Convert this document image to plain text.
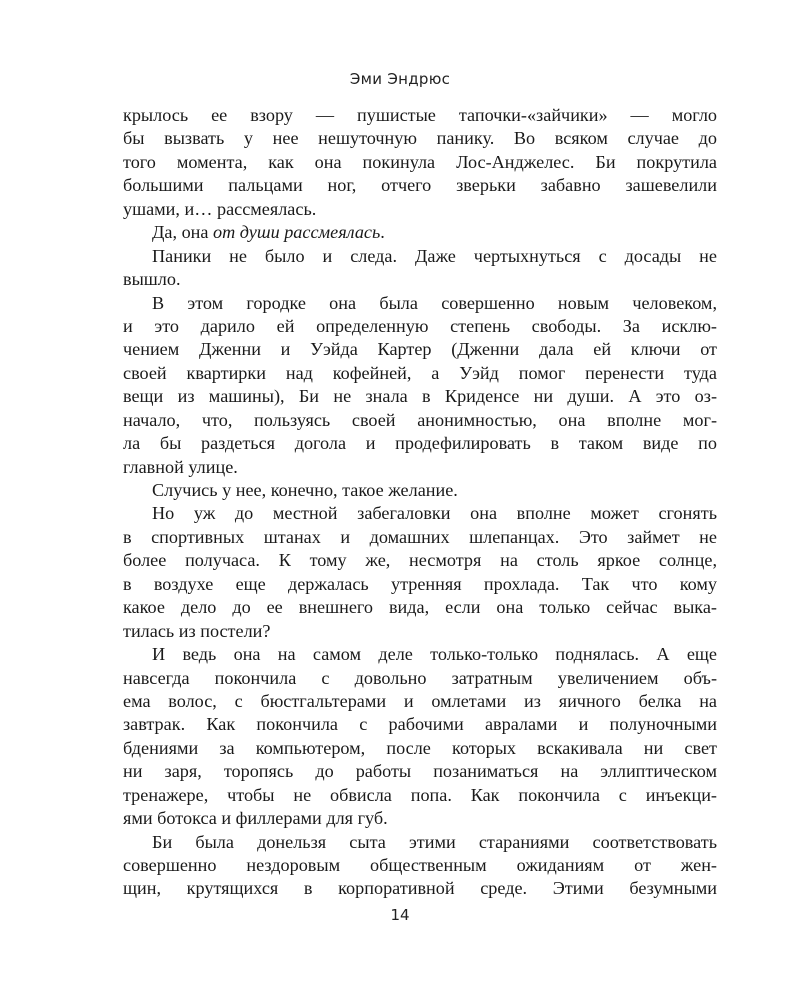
Эми Эндрюс
крылось ее взору — пушистые тапочки-«зайчики» — могло
бы вызвать у нее нешуточную панику. Во всяком случае до
того момента, как она покинула Лос-Анджелес. Би покрутила
большими пальцами ног, отчего зверьки забавно зашевелили
ушами, и… рассмеялась.
Да, она от души рассмеялась.
Паники не было и следа. Даже чертыхнуться с досады не
вышло.
В этом городке она была совершенно новым человеком,
и это дарило ей определенную степень свободы. За исклю-
чением Дженни и Уэйда Картер (Дженни дала ей ключи от
своей квартирки над кофейней, а Уэйд помог перенести туда
вещи из машины), Би не знала в Криденсе ни души. А это оз-
начало, что, пользуясь своей анонимностью, она вполне мог-
ла бы раздеться догола и продефилировать в таком виде по
главной улице.
Случись у нее, конечно, такое желание.
Но уж до местной забегаловки она вполне может сгонять
в спортивных штанах и домашних шлепанцах. Это займет не
более получаса. К тому же, несмотря на столь яркое солнце,
в воздухе еще держалась утренняя прохлада. Так что кому
какое дело до ее внешнего вида, если она только сейчас выка-
тилась из постели?
И ведь она на самом деле только-только поднялась. А еще
навсегда покончила с довольно затратным увеличением объ-
ема волос, с бюстгальтерами и омлетами из яичного белка на
завтрак. Как покончила с рабочими авралами и полуночными
бдениями за компьютером, после которых вскакивала ни свет
ни заря, торопясь до работы позаниматься на эллиптическом
тренажере, чтобы не обвисла попа. Как покончила с инъекци-
ями ботокса и филлерами для губ.
Би была донельзя сыта этими стараниями соответствовать
совершенно нездоровым общественным ожиданиям от жен-
щин, крутящихся в корпоративной среде. Этими безумными
14
